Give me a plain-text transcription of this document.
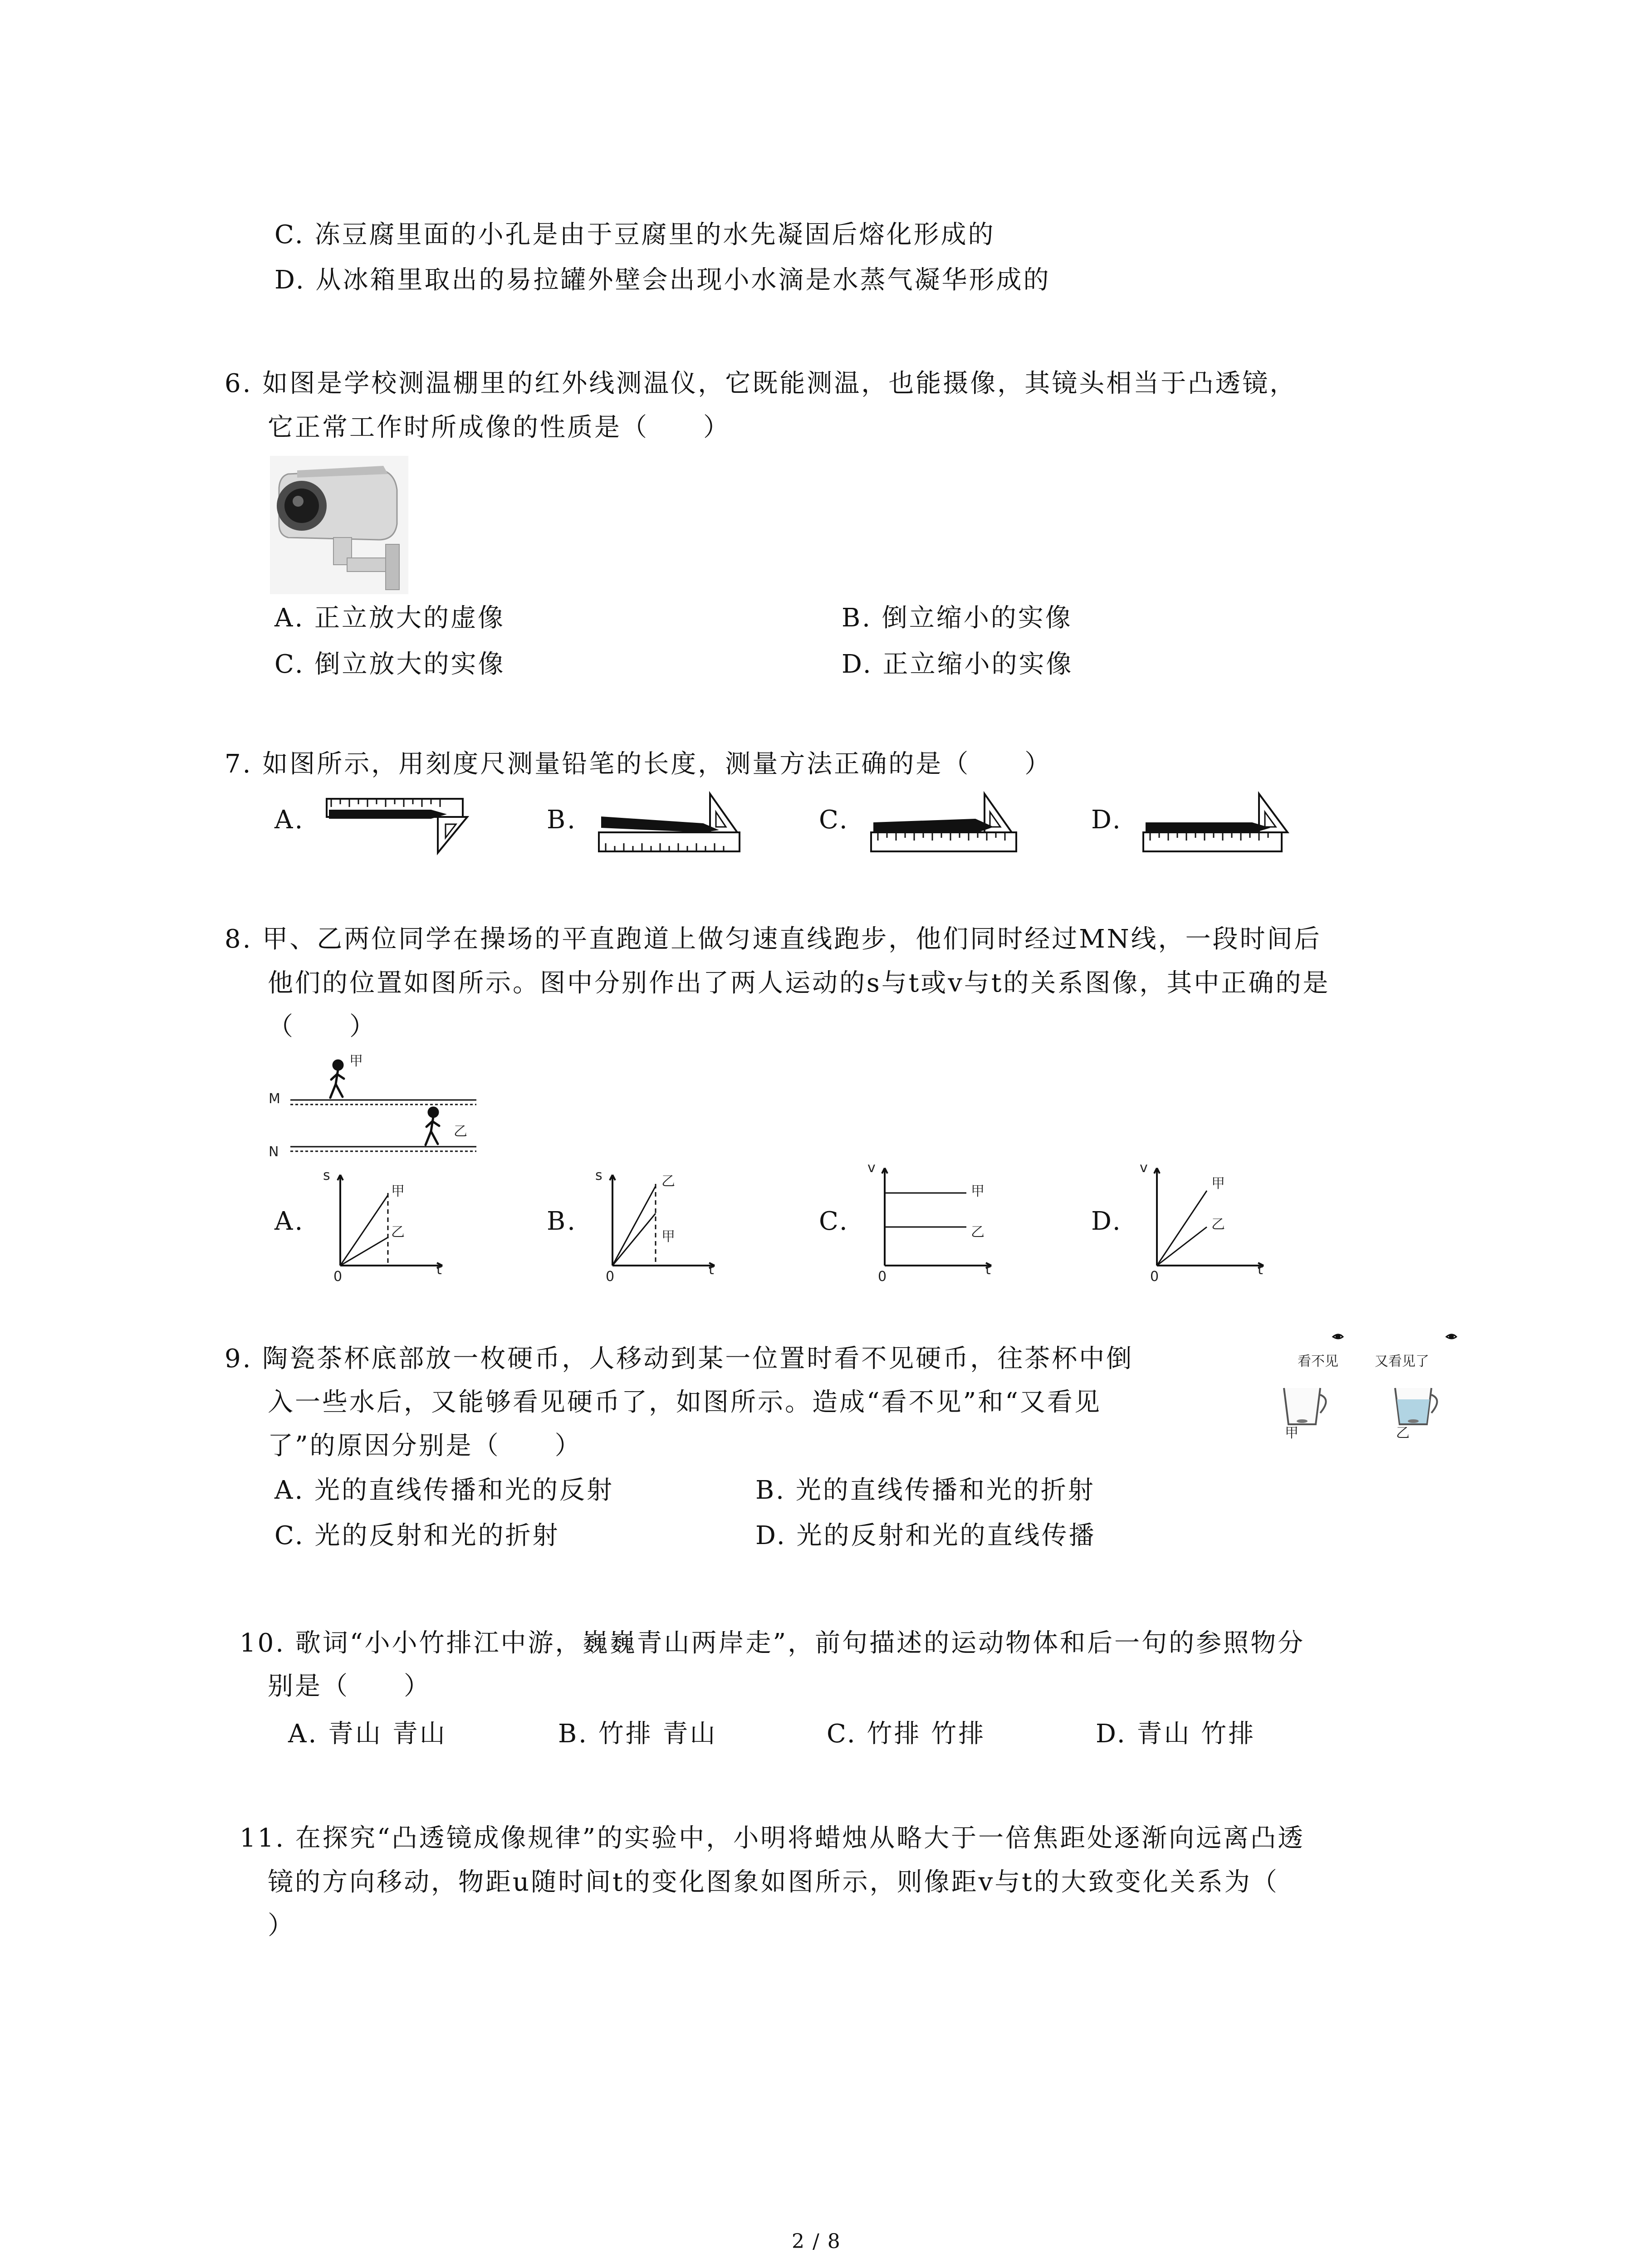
C. 冻豆腐里面的小孔是由于豆腐里的水先凝固后熔化形成的
D. 从冰箱里取出的易拉罐外壁会出现小水滴是水蒸气凝华形成的
6. 如图是学校测温棚里的红外线测温仪，它既能测温，也能摄像，其镜头相当于凸透镜，
它正常工作时所成像的性质是（　　）
A. 正立放大的虚像	B. 倒立缩小的实像
C. 倒立放大的实像	D. 正立缩小的实像
7. 如图所示，用刻度尺测量铅笔的长度，测量方法正确的是（　　）
A.	B.	C.	D.
8. 甲、乙两位同学在操场的平直跑道上做匀速直线跑步，他们同时经过MN线，一段时间后
他们的位置如图所示。图中分别作出了两人运动的s与t或v与t的关系图像，其中正确的是
（　　）
M
N
甲
乙
A.
s
t
0
甲
乙	B.
s
t
0
乙
甲
C.
v
t
0
甲
乙	D.
v
t
0
甲
乙
9. 陶瓷茶杯底部放一枚硬币，人移动到某一位置时看不见硬币，往茶杯中倒
入一些水后，又能够看见硬币了，如图所示。造成“看不见”和“又看见
了”的原因分别是（　　）
看不见	又看见了
甲	乙
A. 光的直线传播和光的反射	B. 光的直线传播和光的折射
C. 光的反射和光的折射	D. 光的反射和光的直线传播
10. 歌词“小小竹排江中游，巍巍青山两岸走”，前句描述的运动物体和后一句的参照物分
别是（　　）
A. 青山 青山	B. 竹排 青山	C. 竹排 竹排	D. 青山 竹排
11. 在探究“凸透镜成像规律”的实验中，小明将蜡烛从略大于一倍焦距处逐渐向远离凸透
镜的方向移动，物距u随时间t的变化图象如图所示，则像距v与t的大致变化关系为（
）
2 / 8
